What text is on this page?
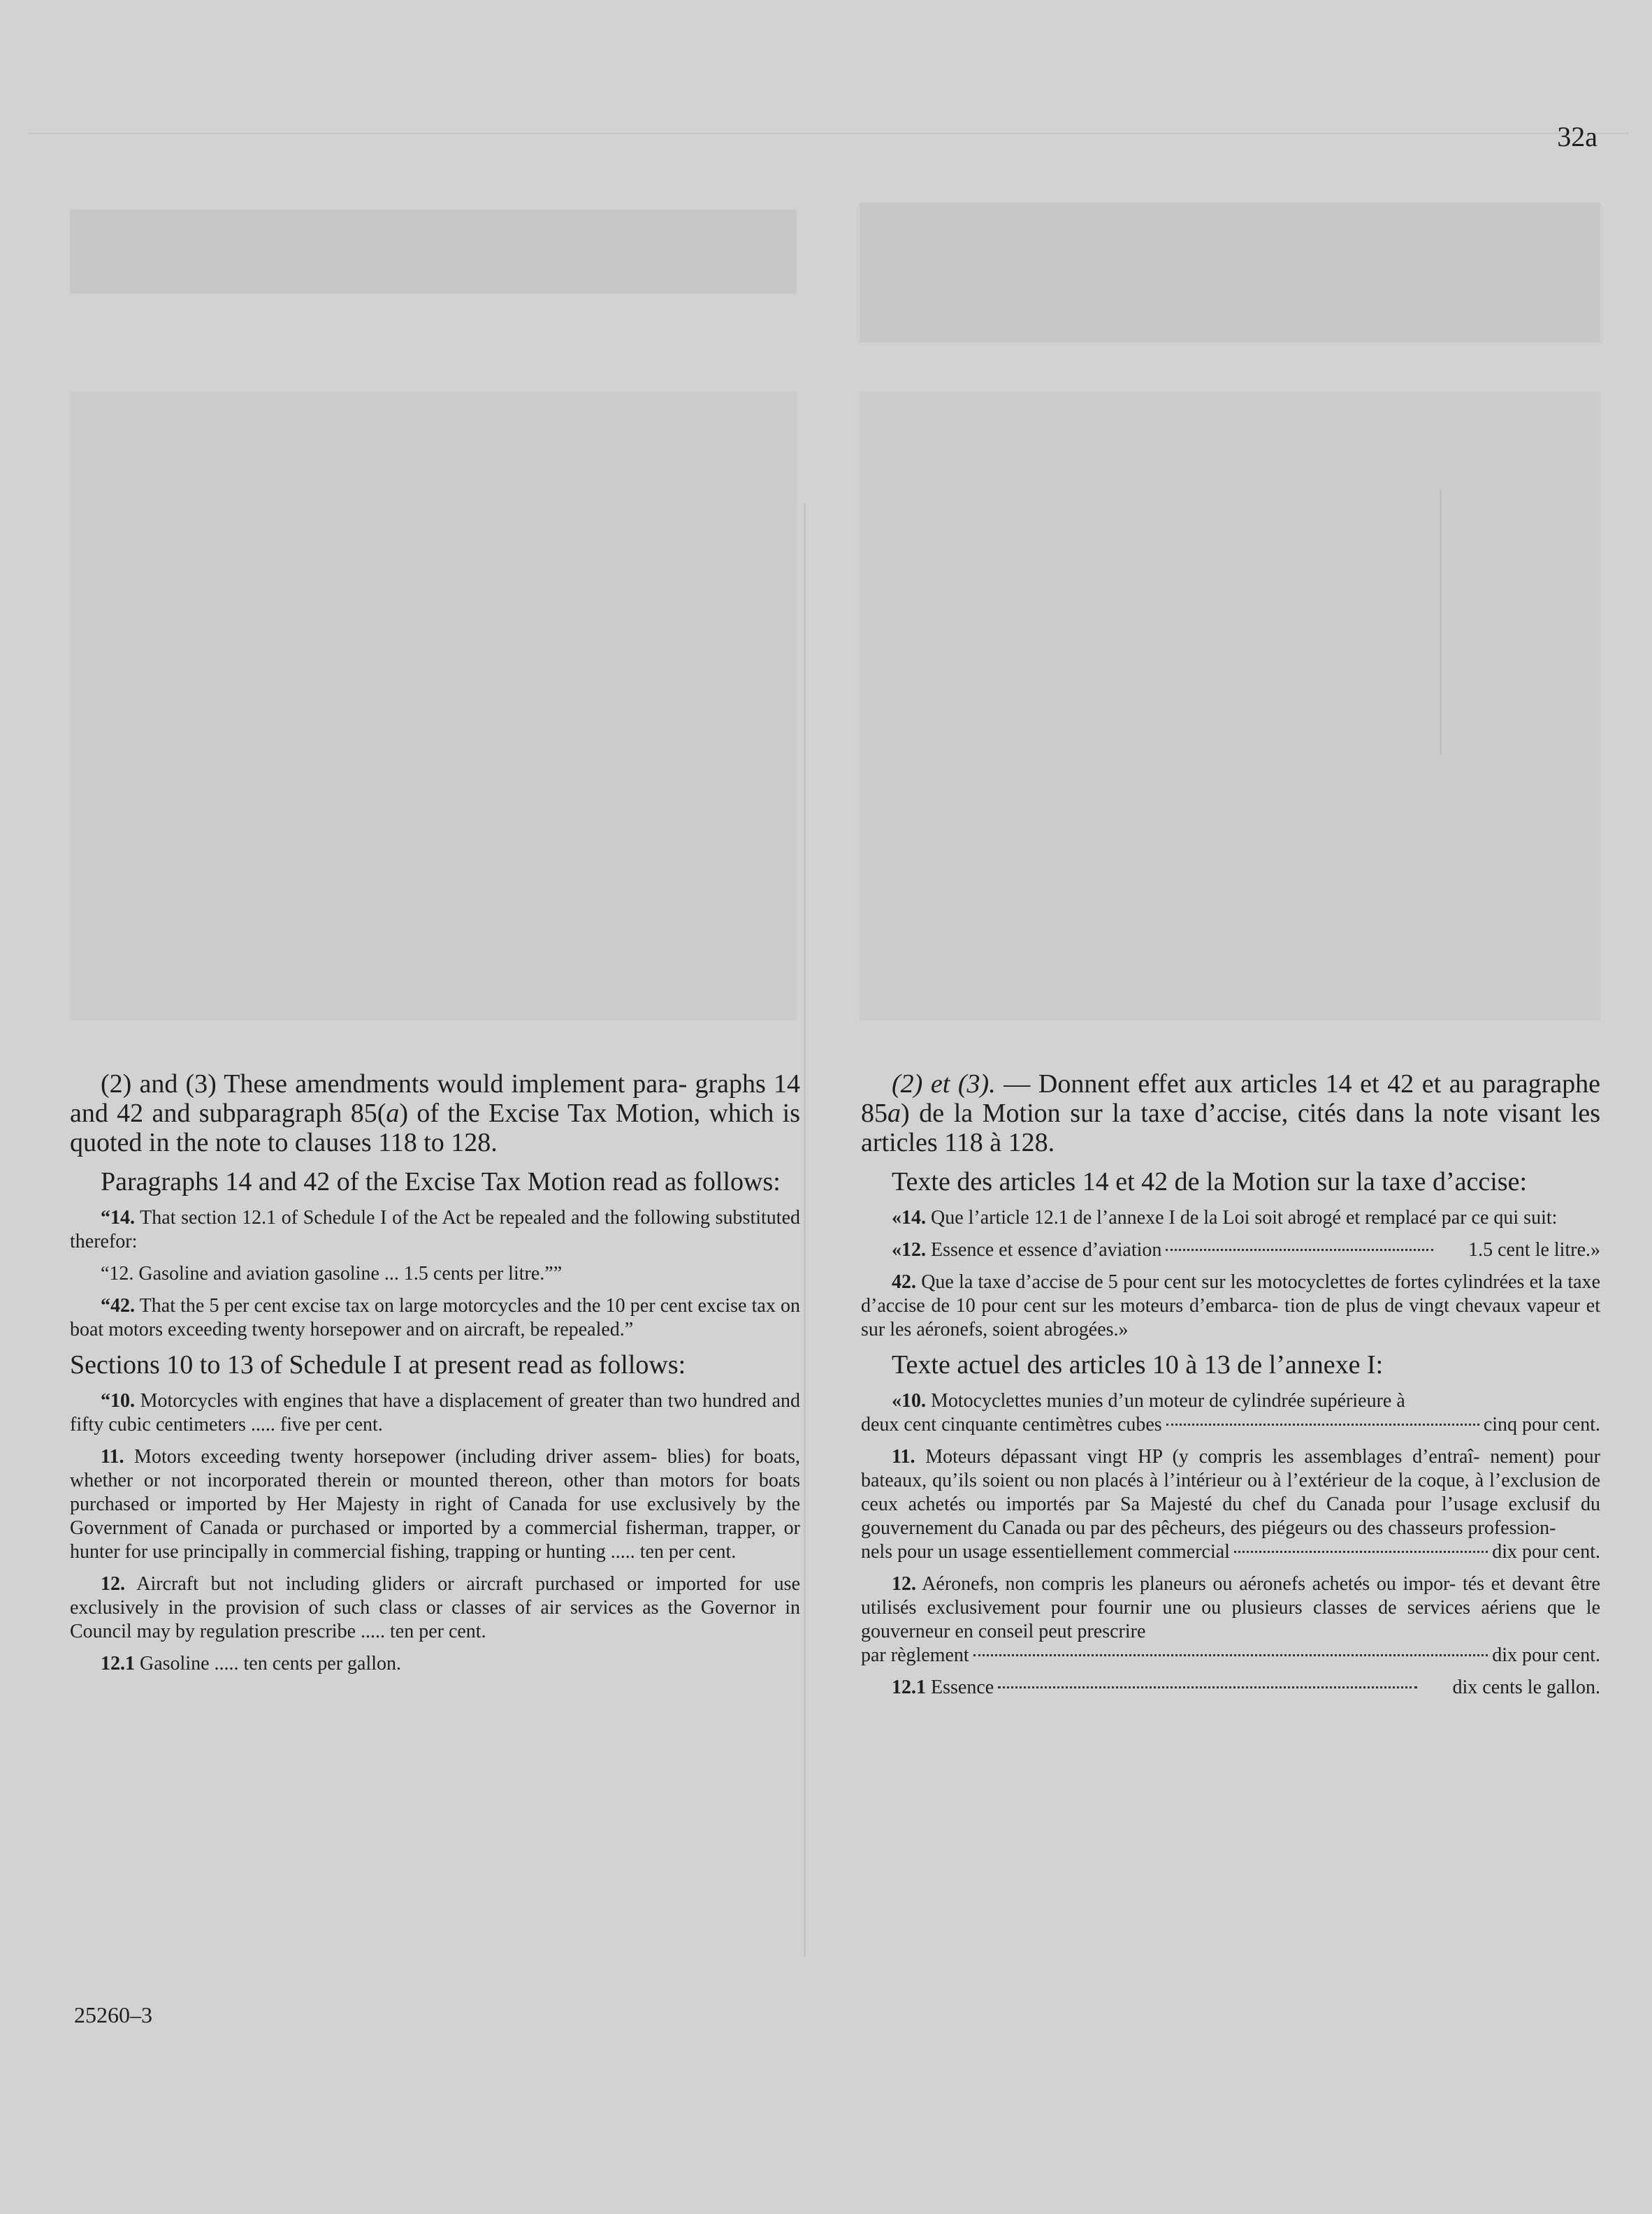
32a

(2) and (3) These amendments would implement para- graphs 14 and 42 and subparagraph 85(a) of the Excise Tax Motion, which is quoted in the note to clauses 118 to 128.

Paragraphs 14 and 42 of the Excise Tax Motion read as follows:

“14. That section 12.1 of Schedule I of the Act be repealed and the following substituted therefor:

“12. Gasoline and aviation gasoline ... 1.5 cents per litre.””

“42. That the 5 per cent excise tax on large motorcycles and the 10 per cent excise tax on boat motors exceeding twenty horsepower and on aircraft, be repealed.”

Sections 10 to 13 of Schedule I at present read as follows:

“10. Motorcycles with engines that have a displacement of greater than two hundred and fifty cubic centimeters ..... five per cent.

11. Motors exceeding twenty horsepower (including driver assem- blies) for boats, whether or not incorporated therein or mounted thereon, other than motors for boats purchased or imported by Her Majesty in right of Canada for use exclusively by the Government of Canada or purchased or imported by a commercial fisherman, trapper, or hunter for use principally in commercial fishing, trapping or hunting ..... ten per cent.

12. Aircraft but not including gliders or aircraft purchased or imported for use exclusively in the provision of such class or classes of air services as the Governor in Council may by regulation prescribe ..... ten per cent.

12.1 Gasoline ..... ten cents per gallon.

(2) et (3). — Donnent effet aux articles 14 et 42 et au paragraphe 85a) de la Motion sur la taxe d’accise, cités dans la note visant les articles 118 à 128.

Texte des articles 14 et 42 de la Motion sur la taxe d’accise:

«14. Que l’article 12.1 de l’annexe I de la Loi soit abrogé et remplacé par ce qui suit:

«12. Essence et essence d’aviation	1.5 cent le litre.»

42. Que la taxe d’accise de 5 pour cent sur les motocyclettes de fortes cylindrées et la taxe d’accise de 10 pour cent sur les moteurs d’embarca- tion de plus de vingt chevaux vapeur et sur les aéronefs, soient abrogées.»

Texte actuel des articles 10 à 13 de l’annexe I:

«10. Motocyclettes munies d’un moteur de cylindrée supérieure à

deux cent cinquante centimètres cubes	cinq pour cent.

11. Moteurs dépassant vingt HP (y compris les assemblages d’entraî- nement) pour bateaux, qu’ils soient ou non placés à l’intérieur ou à l’extérieur de la coque, à l’exclusion de ceux achetés ou importés par Sa Majesté du chef du Canada pour l’usage exclusif du gouvernement du Canada ou par des pêcheurs, des piégeurs ou des chasseurs profession-

nels pour un usage essentiellement commercial	dix pour cent.

12. Aéronefs, non compris les planeurs ou aéronefs achetés ou impor- tés et devant être utilisés exclusivement pour fournir une ou plusieurs classes de services aériens que le gouverneur en conseil peut prescrire

par règlement	dix pour cent.

12.1 Essence	dix cents le gallon.

25260–3
